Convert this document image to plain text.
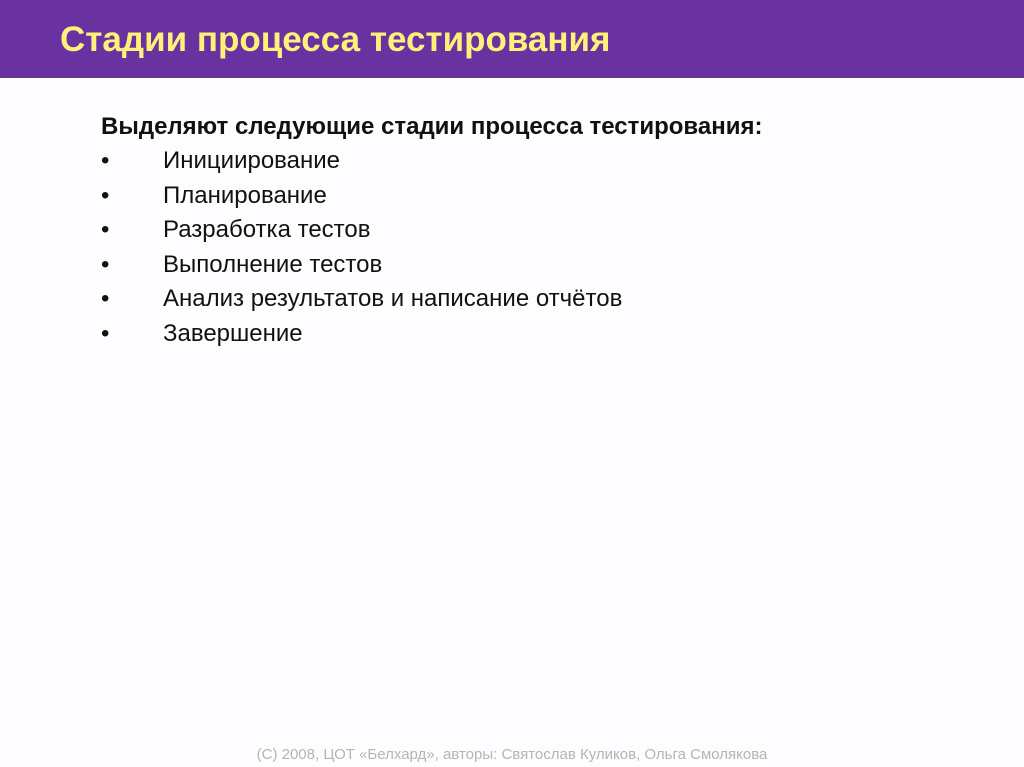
Стадии процесса тестирования

Выделяют следующие стадии процесса тестирования:

•	Инициирование
•	Планирование
•	Разработка тестов
•	Выполнение тестов
•	Анализ результатов и написание отчётов
•	Завершение
(С) 2008, ЦОТ «Белхард», авторы: Святослав Куликов, Ольга Смолякова
